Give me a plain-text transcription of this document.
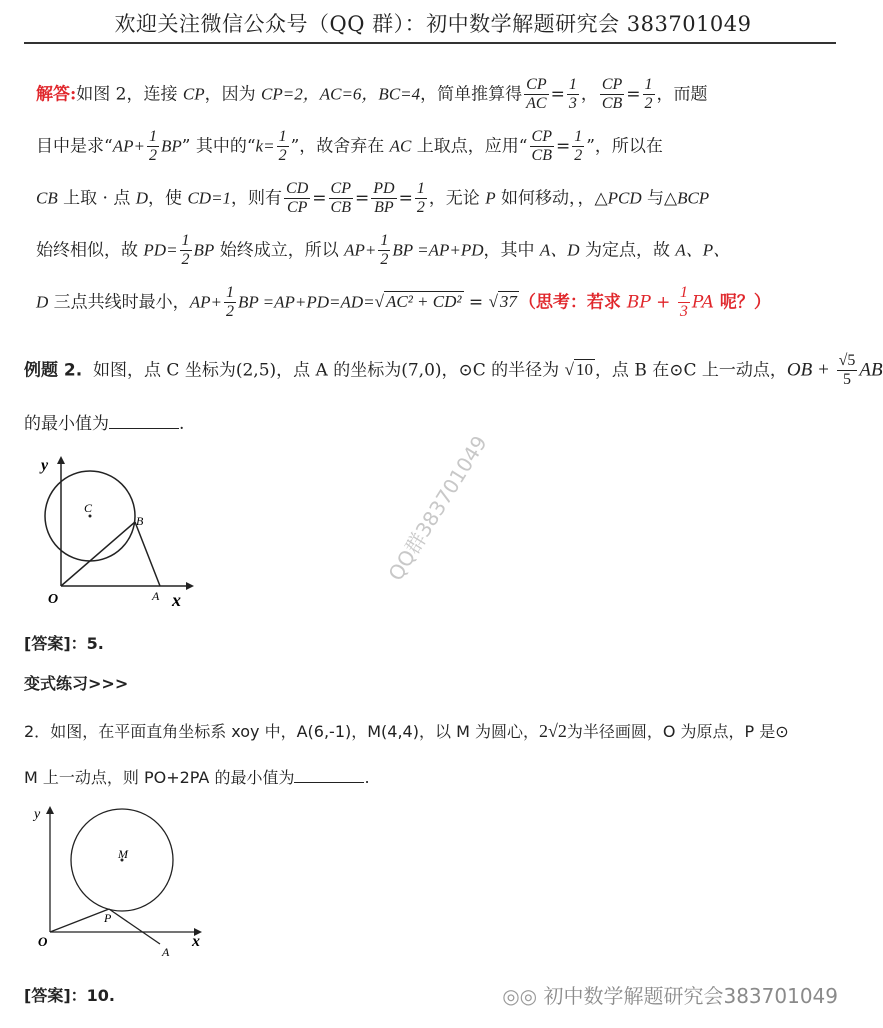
欢迎关注微信公众号（QQ 群）：初中数学解题研究会 383701049
解答:如图 2，连接 CP，因为 CP=2，AC=6，BC=4，简单推算得 $\frac{CP}{AC} = \frac{1}{3}$ ， $\frac{CP}{CB} = \frac{1}{2}$ ，而题
目中是求“$AP+ \frac{1}{2}$ BP” 其中的“$k= \frac{1}{2}$ ”，故舍弃在 AC 上取点，应用“ $\frac{CP}{CB} = \frac{1}{2}$ ”，所以在
CB 上取 · 点 D，使 CD=1，则有 $\frac{CD}{CP} = \frac{CP}{CB} = \frac{PD}{BP} = \frac{1}{2}$ ，无论 P 如何移动，，△PCD 与△BCP
始终相似，故 $PD= \frac{1}{2}$ BP 始终成立，所以 $AP+ \frac{1}{2}$ BP =AP+PD，其中 A、D 为定点，故 A、P、
D 三点共线时最小，$AP+ \frac{1}{2}$ BP =AP+PD=AD=√ AC² + CD² = √ 37 （思考：若求 BP + $\frac{1}{3}$ PA 呢？）
例题 2. 如图，点 C 坐标为(2,5)，点 A 的坐标为(7,0)，⊙C 的半径为 √ 10 ，点 B 在⊙C 上一动点，OB + $\frac{√5}{5}$ AB
的最小值为	.
y
x
O
C
B
A
[答案]：5.
变式练习>>>
2．如图，在平面直角坐标系 xoy 中，A(6,-1)，M(4,4)，以 M 为圆心，2√2为半径画圆，O 为原点，P 是⊙
M 上一动点，则 PO+2PA 的最小值为	.
y
x
O
M
P
A
[答案]：10.
QQ群383701049
◎◎ 初中数学解题研究会383701049
